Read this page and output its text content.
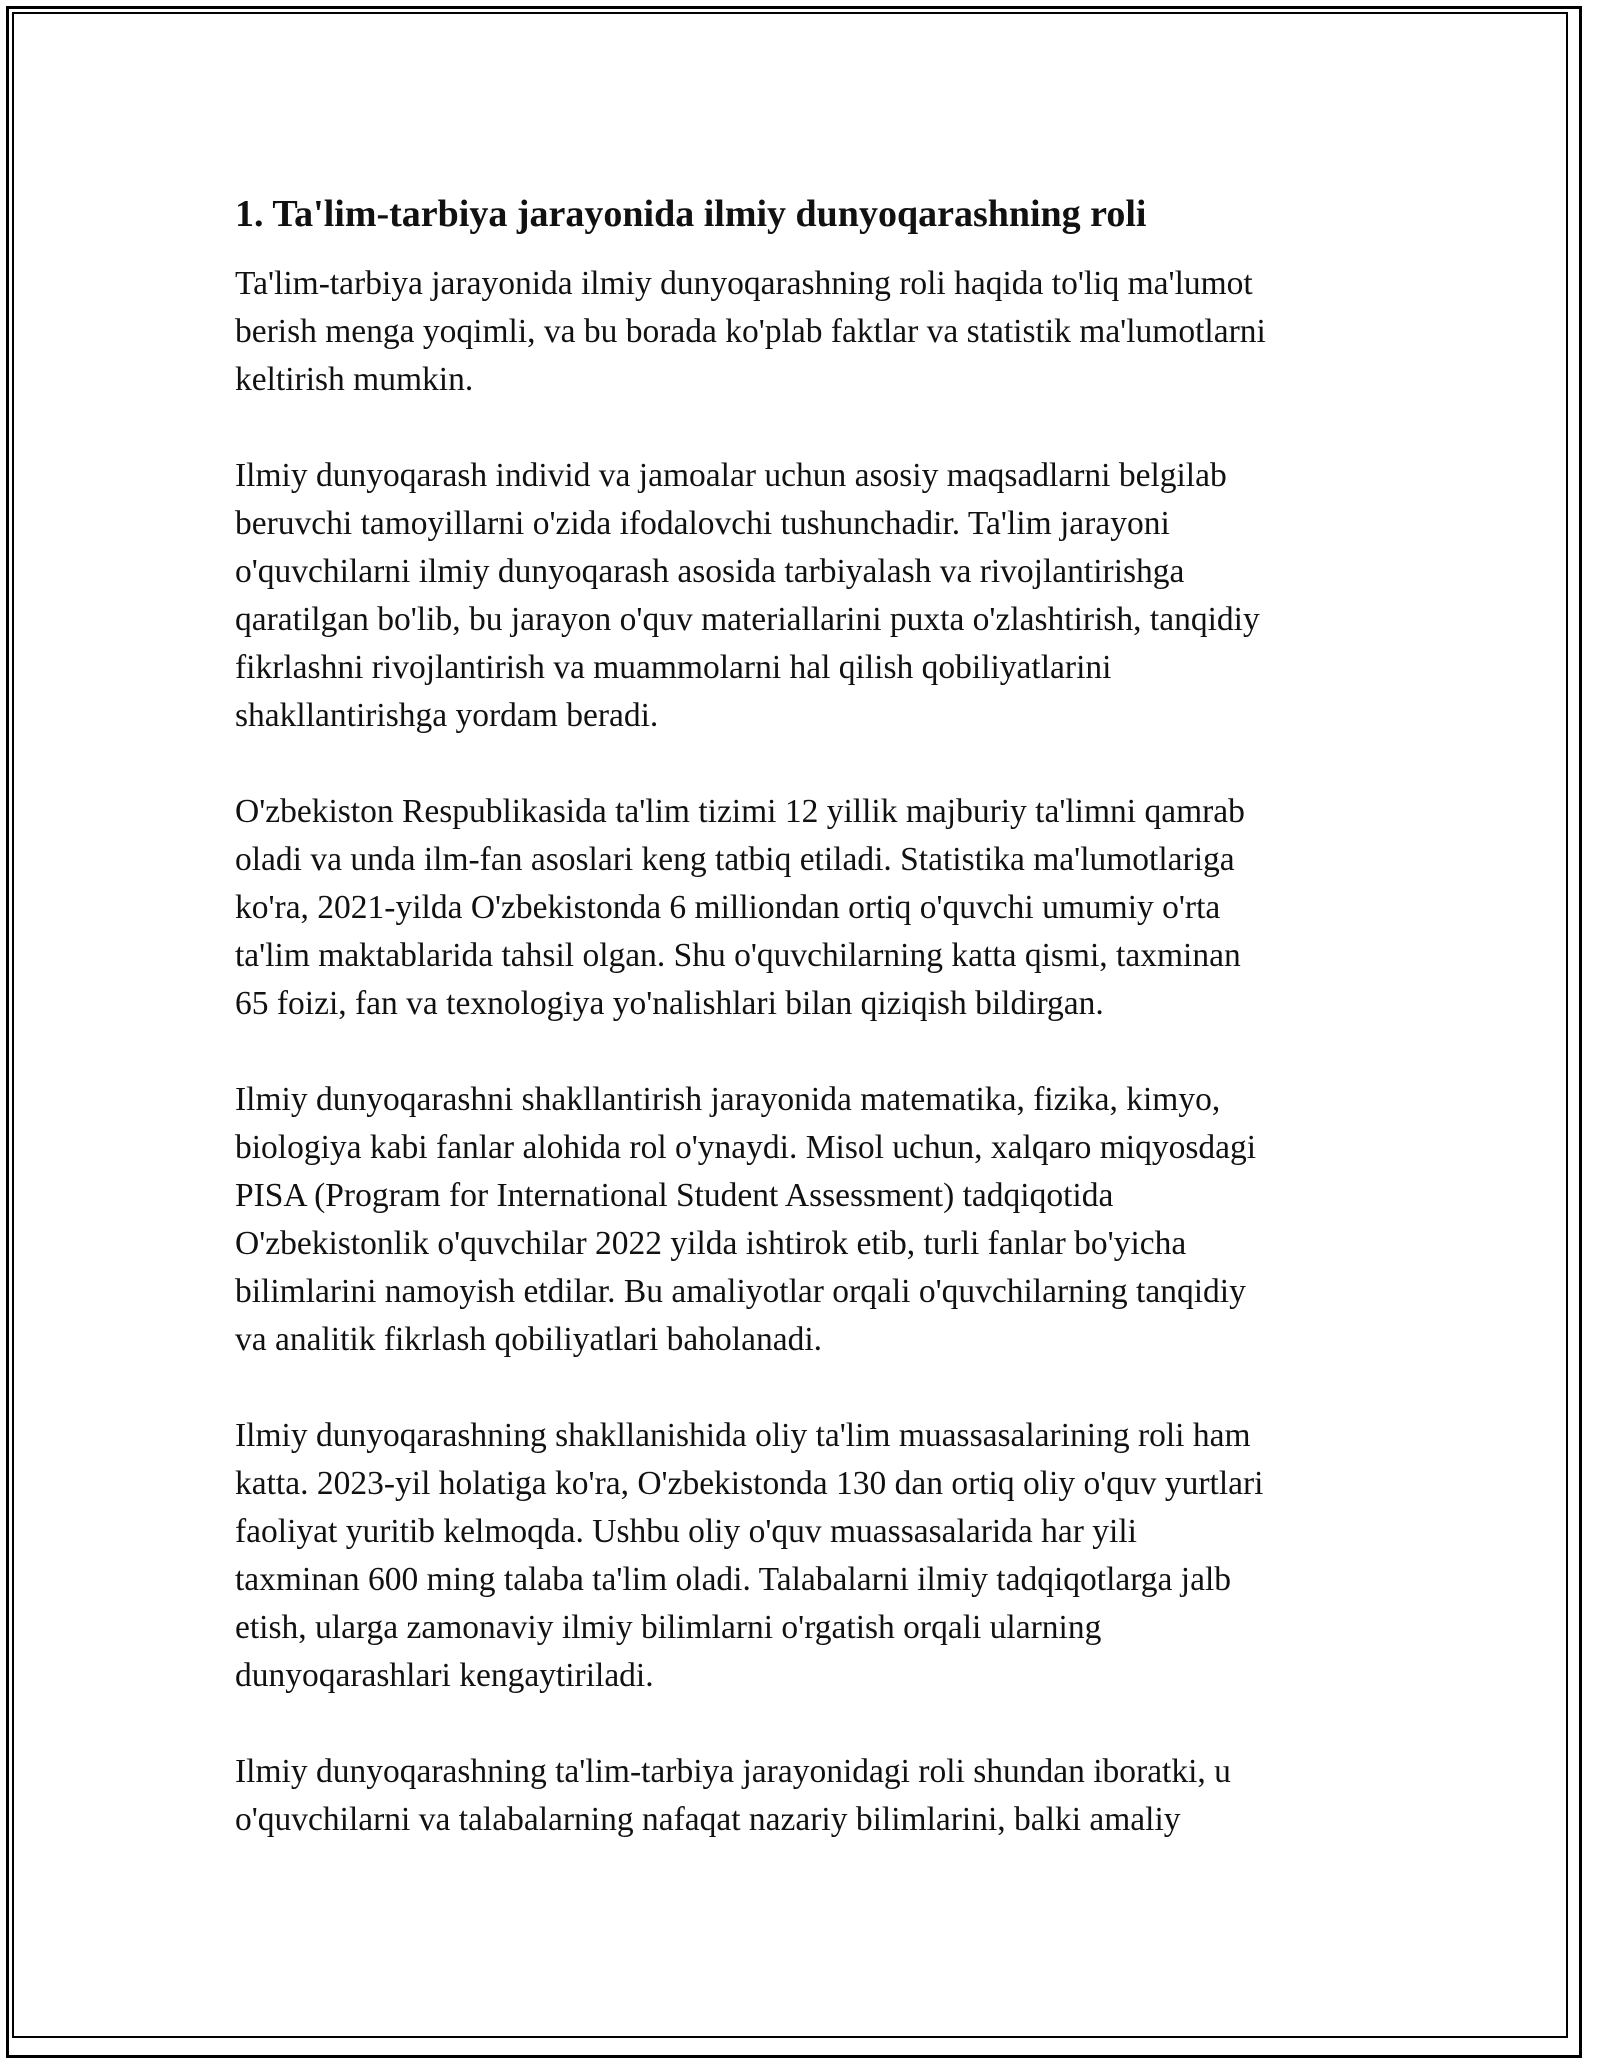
1. Ta'lim-tarbiya jarayonida ilmiy dunyoqarashning roli

Ta'lim-tarbiya jarayonida ilmiy dunyoqarashning roli haqida to'liq ma'lumot
berish menga yoqimli, va bu borada ko'plab faktlar va statistik ma'lumotlarni
keltirish mumkin.

Ilmiy dunyoqarash individ va jamoalar uchun asosiy maqsadlarni belgilab
beruvchi tamoyillarni o'zida ifodalovchi tushunchadir. Ta'lim jarayoni
o'quvchilarni ilmiy dunyoqarash asosida tarbiyalash va rivojlantirishga
qaratilgan bo'lib, bu jarayon o'quv materiallarini puxta o'zlashtirish, tanqidiy
fikrlashni rivojlantirish va muammolarni hal qilish qobiliyatlarini
shakllantirishga yordam beradi.

O'zbekiston Respublikasida ta'lim tizimi 12 yillik majburiy ta'limni qamrab
oladi va unda ilm-fan asoslari keng tatbiq etiladi. Statistika ma'lumotlariga
ko'ra, 2021-yilda O'zbekistonda 6 milliondan ortiq o'quvchi umumiy o'rta
ta'lim maktablarida tahsil olgan. Shu o'quvchilarning katta qismi, taxminan
65 foizi, fan va texnologiya yo'nalishlari bilan qiziqish bildirgan.

Ilmiy dunyoqarashni shakllantirish jarayonida matematika, fizika, kimyo,
biologiya kabi fanlar alohida rol o'ynaydi. Misol uchun, xalqaro miqyosdagi
PISA (Program for International Student Assessment) tadqiqotida
O'zbekistonlik o'quvchilar 2022 yilda ishtirok etib, turli fanlar bo'yicha
bilimlarini namoyish etdilar. Bu amaliyotlar orqali o'quvchilarning tanqidiy
va analitik fikrlash qobiliyatlari baholanadi.

Ilmiy dunyoqarashning shakllanishida oliy ta'lim muassasalarining roli ham
katta. 2023-yil holatiga ko'ra, O'zbekistonda 130 dan ortiq oliy o'quv yurtlari
faoliyat yuritib kelmoqda. Ushbu oliy o'quv muassasalarida har yili
taxminan 600 ming talaba ta'lim oladi. Talabalarni ilmiy tadqiqotlarga jalb
etish, ularga zamonaviy ilmiy bilimlarni o'rgatish orqali ularning
dunyoqarashlari kengaytiriladi.

Ilmiy dunyoqarashning ta'lim-tarbiya jarayonidagi roli shundan iboratki, u
o'quvchilarni va talabalarning nafaqat nazariy bilimlarini, balki amaliy
